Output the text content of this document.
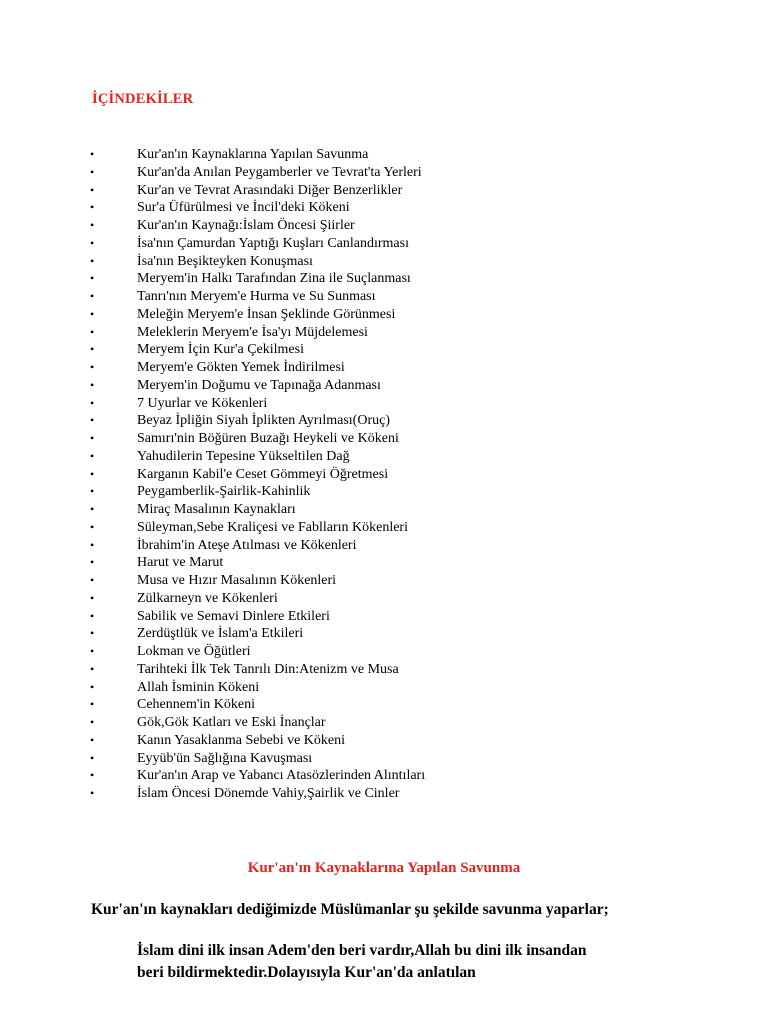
İÇİNDEKİLER
•	Kur'an'ın Kaynaklarına Yapılan Savunma
•	Kur'an'da Anılan Peygamberler ve Tevrat'ta Yerleri
•	Kur'an ve Tevrat Arasındaki Diğer Benzerlikler
•	Sur'a Üfürülmesi ve İncil'deki Kökeni
•	Kur'an'ın Kaynağı:İslam Öncesi Şiirler
•	İsa'nın Çamurdan Yaptığı Kuşları Canlandırması
•	İsa'nın Beşikteyken Konuşması
•	Meryem'in Halkı Tarafından Zina ile Suçlanması
•	Tanrı'nın Meryem'e Hurma ve Su Sunması
•	Meleğin Meryem'e İnsan Şeklinde Görünmesi
•	Meleklerin Meryem'e İsa'yı Müjdelemesi
•	Meryem İçin Kur'a Çekilmesi
•	Meryem'e Gökten Yemek İndirilmesi
•	Meryem'in Doğumu ve Tapınağa Adanması
•	7 Uyurlar ve Kökenleri
•	Beyaz İpliğin Siyah İplikten Ayrılması(Oruç)
•	Samırı'nin Böğüren Buzağı Heykeli ve Kökeni
•	Yahudilerin Tepesine Yükseltilen Dağ
•	Karganın Kabil'e Ceset Gömmeyi Öğretmesi
•	Peygamberlik-Şairlik-Kahinlik
•	Miraç Masalının Kaynakları
•	Süleyman,Sebe Kraliçesi ve Fablların Kökenleri
•	İbrahim'in Ateşe Atılması ve Kökenleri
•	Harut ve Marut
•	Musa ve Hızır Masalının Kökenleri
•	Zülkarneyn ve Kökenleri
•	Sabilik ve Semavi Dinlere Etkileri
•	Zerdüştlük ve İslam'a Etkileri
•	Lokman ve Öğütleri
•	Tarihteki İlk Tek Tanrılı Din:Atenizm ve Musa
•	Allah İsminin Kökeni
•	Cehennem'in Kökeni
•	Gök,Gök Katları ve Eski İnançlar
•	Kanın Yasaklanma Sebebi ve Kökeni
•	Eyyüb'ün Sağlığına Kavuşması
•	Kur'an'ın Arap ve Yabancı Atasözlerinden Alıntıları
•	İslam Öncesi Dönemde Vahiy,Şairlik ve Cinler
Kur'an'ın Kaynaklarına Yapılan Savunma

Kur'an'ın kaynakları dediğimizde Müslümanlar şu şekilde savunma yaparlar;

İslam dini ilk insan Adem'den beri vardır,Allah bu dini ilk insandan
beri bildirmektedir.Dolayısıyla Kur'an'da anlatılan
